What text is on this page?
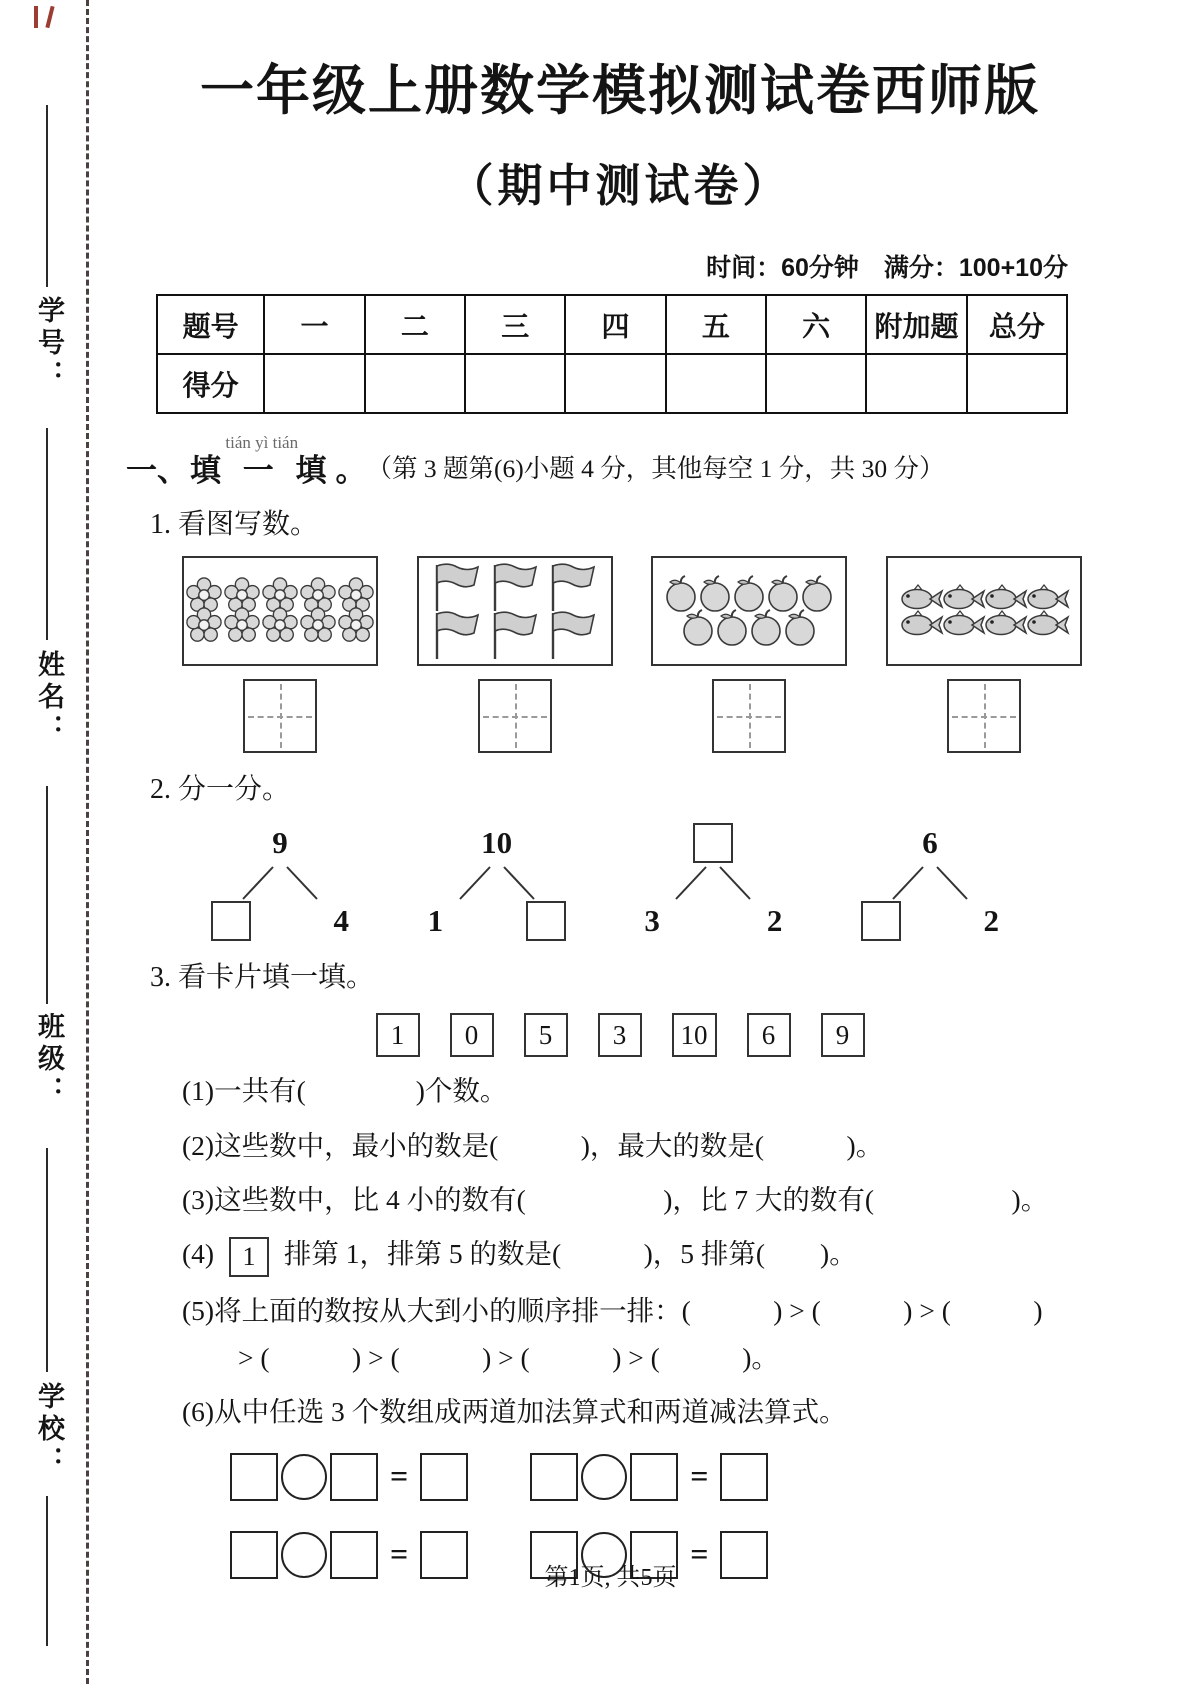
学号：
姓名：
班级：
学校：
一年级上册数学模拟测试卷西师版
（期中测试卷）
时间：60分钟　满分：100+10分
题号	一	二	三	四	五	六	附加题	总分
得分								
一、
tián yì tián
填 一 填 。 （第 3 题第(6)小题 4 分，其他每空 1 分，共 30 分）

1. 看图写数。

2. 分一分。

9
4
10
1	3	2
6
2

3. 看卡片填一填。

1	0	5	3	10	6	9

(1)一共有(　　　　)个数。

(2)这些数中，最小的数是(　　　)，最大的数是(　　　)。

(3)这些数中，比 4 小的数有(　　　　　)，比 7 大的数有(　　　　　)。

(4) 1 排第 1，排第 5 的数是(　　　)，5 排第(　　)。

(5)将上面的数按从大到小的顺序排一排：(　　　) > (　　　) > (　　　)

> (　　　) > (　　　) > (　　　) > (　　　)。

(6)从中任选 3 个数组成两道加法算式和两道减法算式。

=	=
=	=
第1页, 共5页
